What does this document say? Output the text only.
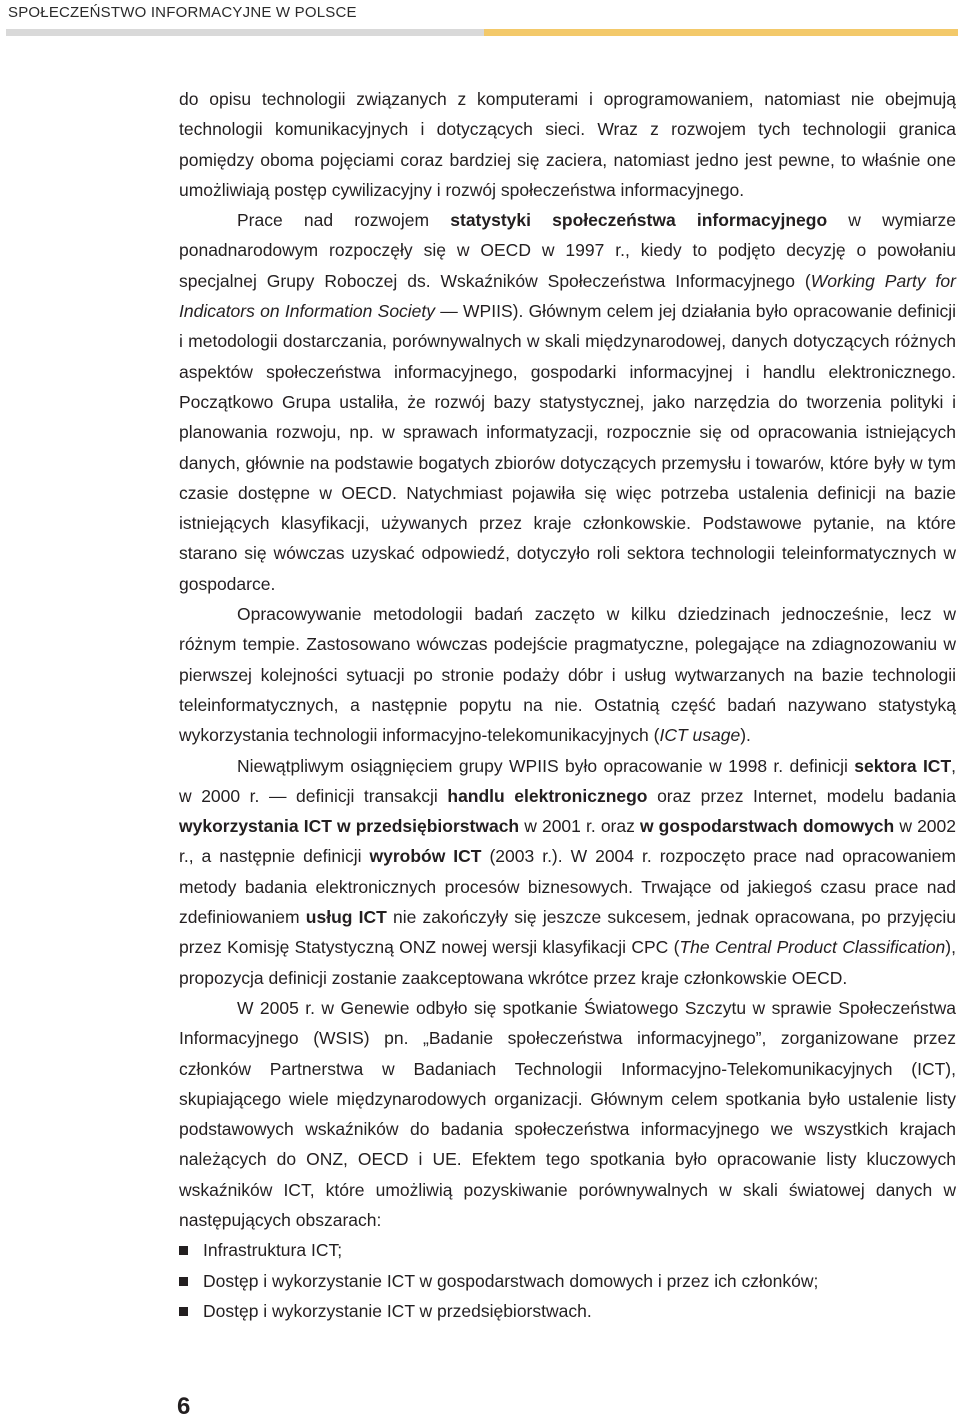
SPOŁECZEŃSTWO INFORMACYJNE W POLSCE

do opisu technologii związanych z komputerami i oprogramowaniem, natomiast nie obejmują technologii komunikacyjnych i dotyczących sieci. Wraz z rozwojem tych technologii granica pomiędzy oboma pojęciami coraz bardziej się zaciera, natomiast jedno jest pewne, to właśnie one umożliwiają postęp cywilizacyjny i rozwój społeczeństwa informacyjnego.

Prace nad rozwojem statystyki społeczeństwa informacyjnego w wymiarze ponadnarodowym rozpoczęły się w OECD w 1997 r., kiedy to podjęto decyzję o powołaniu specjalnej Grupy Roboczej ds. Wskaźników Społeczeństwa Informacyjnego (Working Party for Indicators on Information Society — WPIIS). Głównym celem jej działania było opracowanie definicji i metodologii dostarczania, porównywalnych w skali międzynarodowej, danych dotyczących różnych aspektów społeczeństwa informacyjnego, gospodarki informacyjnej i handlu elektronicznego. Początkowo Grupa ustaliła, że rozwój bazy statystycznej, jako narzędzia do tworzenia polityki i planowania rozwoju, np. w sprawach informatyzacji, rozpocznie się od opracowania istniejących danych, głównie na podstawie bogatych zbiorów dotyczących przemysłu i towarów, które były w tym czasie dostępne w OECD. Natychmiast pojawiła się więc potrzeba ustalenia definicji na bazie istniejących klasyfikacji, używanych przez kraje członkowskie. Podstawowe pytanie, na które starano się wówczas uzyskać odpowiedź, dotyczyło roli sektora technologii teleinformatycznych w gospodarce.

Opracowywanie metodologii badań zaczęto w kilku dziedzinach jednocześnie, lecz w różnym tempie. Zastosowano wówczas podejście pragmatyczne, polegające na zdiagnozowaniu w pierwszej kolejności sytuacji po stronie podaży dóbr i usług wytwarzanych na bazie technologii teleinformatycznych, a następnie popytu na nie. Ostatnią część badań nazywano statystyką wykorzystania technologii informacyjno-telekomunikacyjnych (ICT usage).

Niewątpliwym osiągnięciem grupy WPIIS było opracowanie w 1998 r. definicji sektora ICT, w 2000 r. — definicji transakcji handlu elektronicznego oraz przez Internet, modelu badania wykorzystania ICT w przedsiębiorstwach w 2001 r. oraz w gospodarstwach domowych w 2002 r., a następnie definicji wyrobów ICT (2003 r.). W 2004 r. rozpoczęto prace nad opracowaniem metody badania elektronicznych procesów biznesowych. Trwające od jakiegoś czasu prace nad zdefiniowaniem usług ICT nie zakończyły się jeszcze sukcesem, jednak opracowana, po przyjęciu przez Komisję Statystyczną ONZ nowej wersji klasyfikacji CPC (The Central Product Classification), propozycja definicji zostanie zaakceptowana wkrótce przez kraje członkowskie OECD.

W 2005 r. w Genewie odbyło się spotkanie Światowego Szczytu w sprawie Społeczeństwa Informacyjnego (WSIS) pn. „Badanie społeczeństwa informacyjnego”, zorganizowane przez członków Partnerstwa w Badaniach Technologii Informacyjno-Telekomunikacyjnych (ICT), skupiającego wiele międzynarodowych organizacji. Głównym celem spotkania było ustalenie listy podstawowych wskaźników do badania społeczeństwa informacyjnego we wszystkich krajach należących do ONZ, OECD i UE. Efektem tego spotkania było opracowanie listy kluczowych wskaźników ICT, które umożliwią pozyskiwanie porównywalnych w skali światowej danych w następujących obszarach:

Infrastruktura ICT;
Dostęp i wykorzystanie ICT w gospodarstwach domowych i przez ich członków;
Dostęp i wykorzystanie ICT w przedsiębiorstwach.
6
